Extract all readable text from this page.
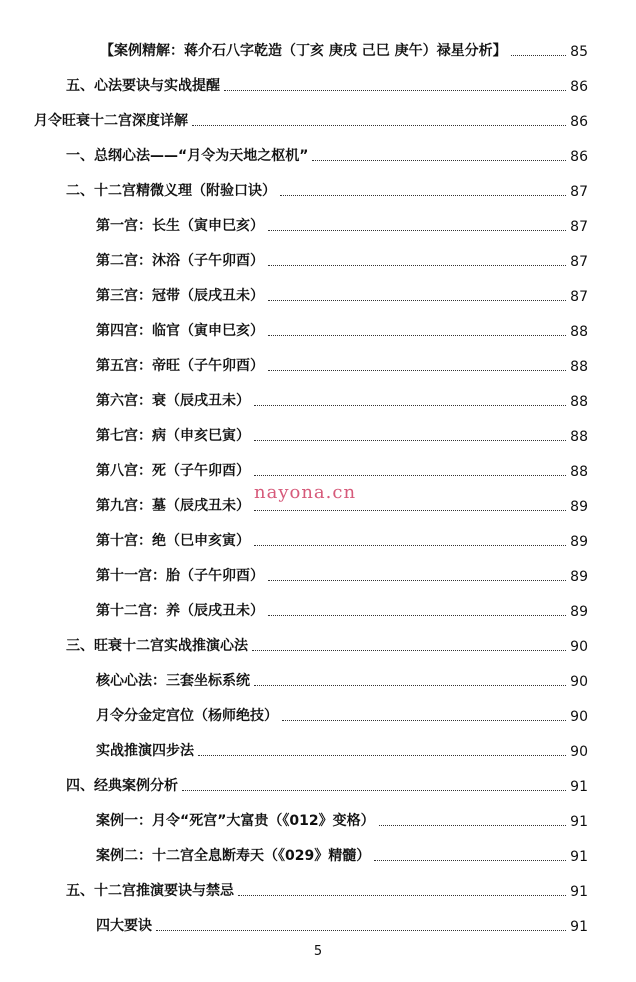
【案例精解：蒋介石八字乾造（丁亥 庚戌 己巳 庚午）禄星分析】	85
五、心法要诀与实战提醒	86
月令旺衰十二宫深度详解	86
一、总纲心法——“月令为天地之枢机”	86
二、十二宫精微义理（附验口诀）	87
第一宫：长生（寅申巳亥）	87
第二宫：沐浴（子午卯酉）	87
第三宫：冠带（辰戌丑未）	87
第四宫：临官（寅申巳亥）	88
第五宫：帝旺（子午卯酉）	88
第六宫：衰（辰戌丑未）	88
第七宫：病（申亥巳寅）	88
第八宫：死（子午卯酉）	88
第九宫：墓（辰戌丑未）	89
第十宫：绝（巳申亥寅）	89
第十一宫：胎（子午卯酉）	89
第十二宫：养（辰戌丑未）	89
三、旺衰十二宫实战推演心法	90
核心心法：三套坐标系统	90
月令分金定宫位（杨师绝技）	90
实战推演四步法	90
四、经典案例分析	91
案例一：月令“死宫”大富贵（《012》变格）	91
案例二：十二宫全息断寿天（《029》精髓）	91
五、十二宫推演要诀与禁忌	91
四大要诀	91
nayona.cn
5
